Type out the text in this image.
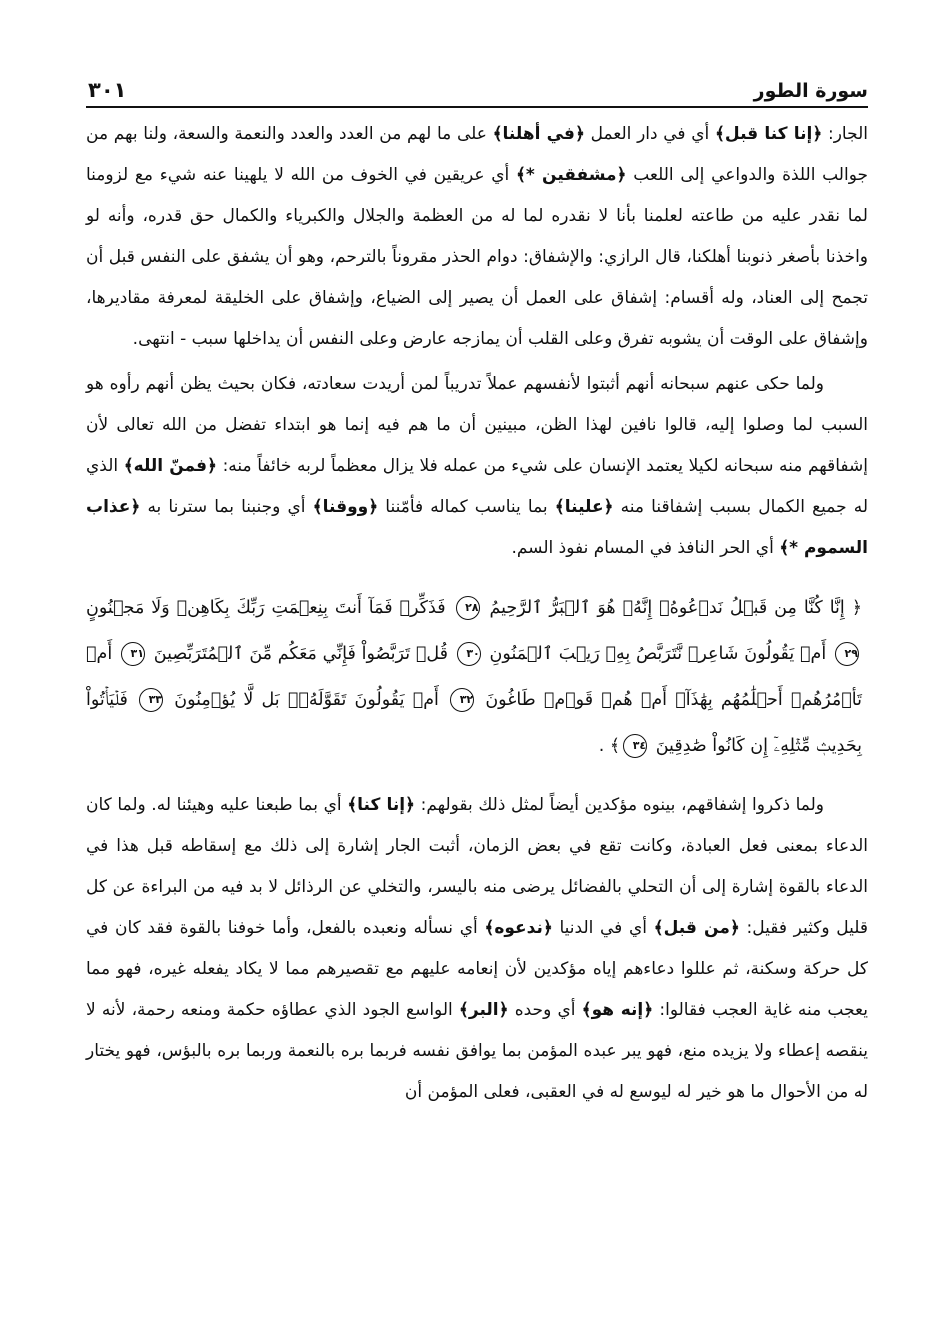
سورة الطور
٣٠١

الجار: ﴿إنا كنا قبل﴾ أي في دار العمل ﴿في أهلنا﴾ على ما لهم من العدد والعدد والنعمة والسعة، ولنا بهم من جوالب اللذة والدواعي إلى اللعب ﴿مشفقين *﴾ أي عريقين في الخوف من الله لا يلهينا عنه شيء مع لزومنا لما نقدر عليه من طاعته لعلمنا بأنا لا نقدره لما له من العظمة والجلال والكبرياء والكمال حق قدره، وأنه لو واخذنا بأصغر ذنوبنا أهلكنا، قال الرازي: والإشفاق: دوام الحذر مقروناً بالترحم، وهو أن يشفق على النفس قبل أن تجمح إلى العناد، وله أقسام: إشفاق على العمل أن يصير إلى الضياع، وإشفاق على الخليقة لمعرفة مقاديرها، وإشفاق على الوقت أن يشوبه تفرق وعلى القلب أن يمازجه عارض وعلى النفس أن يداخلها سبب - انتهى.

ولما حكى عنهم سبحانه أنهم أثبتوا لأنفسهم عملاً تدريباً لمن أريدت سعادته، فكان بحيث يظن أنهم رأوه هو السبب لما وصلوا إليه، قالوا نافين لهذا الظن، مبينين أن ما هم فيه إنما هو ابتداء تفضل من الله تعالى لأن إشفاقهم منه سبحانه لكيلا يعتمد الإنسان على شيء من عمله فلا يزال معظماً لربه خائفاً منه: ﴿فمنّ الله﴾ الذي له جميع الكمال بسبب إشفاقنا منه ﴿علينا﴾ بما يناسب كماله فأمّننا ﴿ووقنا﴾ أي وجنبنا بما سترنا به ﴿عذاب السموم *﴾ أي الحر النافذ في المسام نفوذ السم.

﴿ إِنَّا كُنَّا مِن قَبۡلُ نَدۡعُوهُۖ إِنَّهُۥ هُوَ ٱلۡبَرُّ ٱلرَّحِيمُ ٢٨ فَذَكِّرۡ فَمَآ أَنتَ بِنِعۡمَتِ رَبِّكَ بِكَاهِنٖ وَلَا مَجۡنُونٍ ٢٩ أَمۡ يَقُولُونَ شَاعِرٞ نَّتَرَبَّصُ بِهِۦ رَيۡبَ ٱلۡمَنُونِ ٣٠ قُلۡ تَرَبَّصُواْ فَإِنِّي مَعَكُم مِّنَ ٱلۡمُتَرَبِّصِينَ ٣١ أَمۡ تَأۡمُرُهُمۡ أَحۡلَٰمُهُم بِهَٰذَآۚ أَمۡ هُمۡ قَوۡمٞ طَاغُونَ ٣٢ أَمۡ يَقُولُونَ تَقَوَّلَهُۥۚ بَل لَّا يُؤۡمِنُونَ ٣٣ فَلۡيَأۡتُواْ بِحَدِيثٖ مِّثۡلِهِۦٓ إِن كَانُواْ صَٰدِقِينَ ٣٤﴾ .

ولما ذكروا إشفاقهم، بينوه مؤكدين أيضاً لمثل ذلك بقولهم: ﴿إنا كنا﴾ أي بما طبعنا عليه وهيئنا له. ولما كان الدعاء بمعنى فعل العبادة، وكانت تقع في بعض الزمان، أثبت الجار إشارة إلى ذلك مع إسقاطه قبل هذا في الدعاء بالقوة إشارة إلى أن التحلي بالفضائل يرضى منه باليسر، والتخلي عن الرذائل لا بد فيه من البراءة عن كل قليل وكثير فقيل: ﴿من قبل﴾ أي في الدنيا ﴿ندعوه﴾ أي نسأله ونعبده بالفعل، وأما خوفنا بالقوة فقد كان في كل حركة وسكنة، ثم عللوا دعاءهم إياه مؤكدين لأن إنعامه عليهم مع تقصيرهم مما لا يكاد يفعله غيره، فهو مما يعجب منه غاية العجب فقالوا: ﴿إنه هو﴾ أي وحده ﴿البر﴾ الواسع الجود الذي عطاؤه حكمة ومنعه رحمة، لأنه لا ينقصه إعطاء ولا يزيده منع، فهو يبر عبده المؤمن بما يوافق نفسه فربما بره بالنعمة وربما بره بالبؤس، فهو يختار له من الأحوال ما هو خير له ليوسع له في العقبى، فعلى المؤمن أن
